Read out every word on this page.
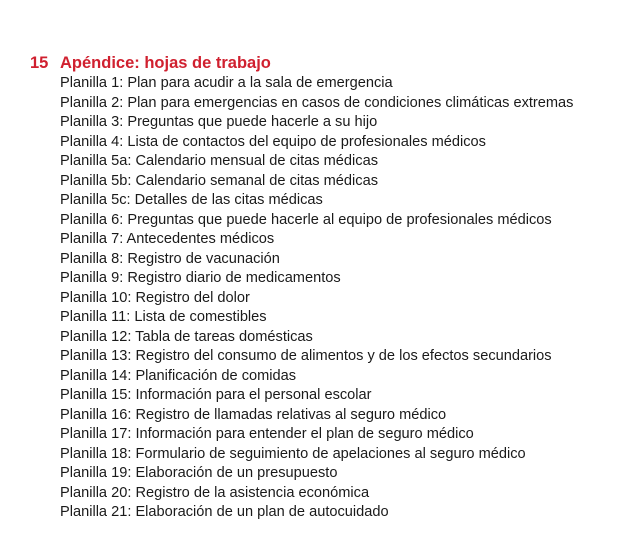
15 Apéndice: hojas de trabajo
Planilla 1: Plan para acudir a la sala de emergencia
Planilla 2: Plan para emergencias en casos de condiciones climáticas extremas
Planilla 3: Preguntas que puede hacerle a su hijo
Planilla 4: Lista de contactos del equipo de profesionales médicos
Planilla 5a: Calendario mensual de citas médicas
Planilla 5b: Calendario semanal de citas médicas
Planilla 5c: Detalles de las citas médicas
Planilla 6: Preguntas que puede hacerle al equipo de profesionales médicos
Planilla 7: Antecedentes médicos
Planilla 8: Registro de vacunación
Planilla 9: Registro diario de medicamentos
Planilla 10: Registro del dolor
Planilla 11: Lista de comestibles
Planilla 12: Tabla de tareas domésticas
Planilla 13: Registro del consumo de alimentos y de los efectos secundarios
Planilla 14: Planificación de comidas
Planilla 15: Información para el personal escolar
Planilla 16: Registro de llamadas relativas al seguro médico
Planilla 17: Información para entender el plan de seguro médico
Planilla 18: Formulario de seguimiento de apelaciones al seguro médico
Planilla 19: Elaboración de un presupuesto
Planilla 20: Registro de la asistencia económica
Planilla 21: Elaboración de un plan de autocuidado
